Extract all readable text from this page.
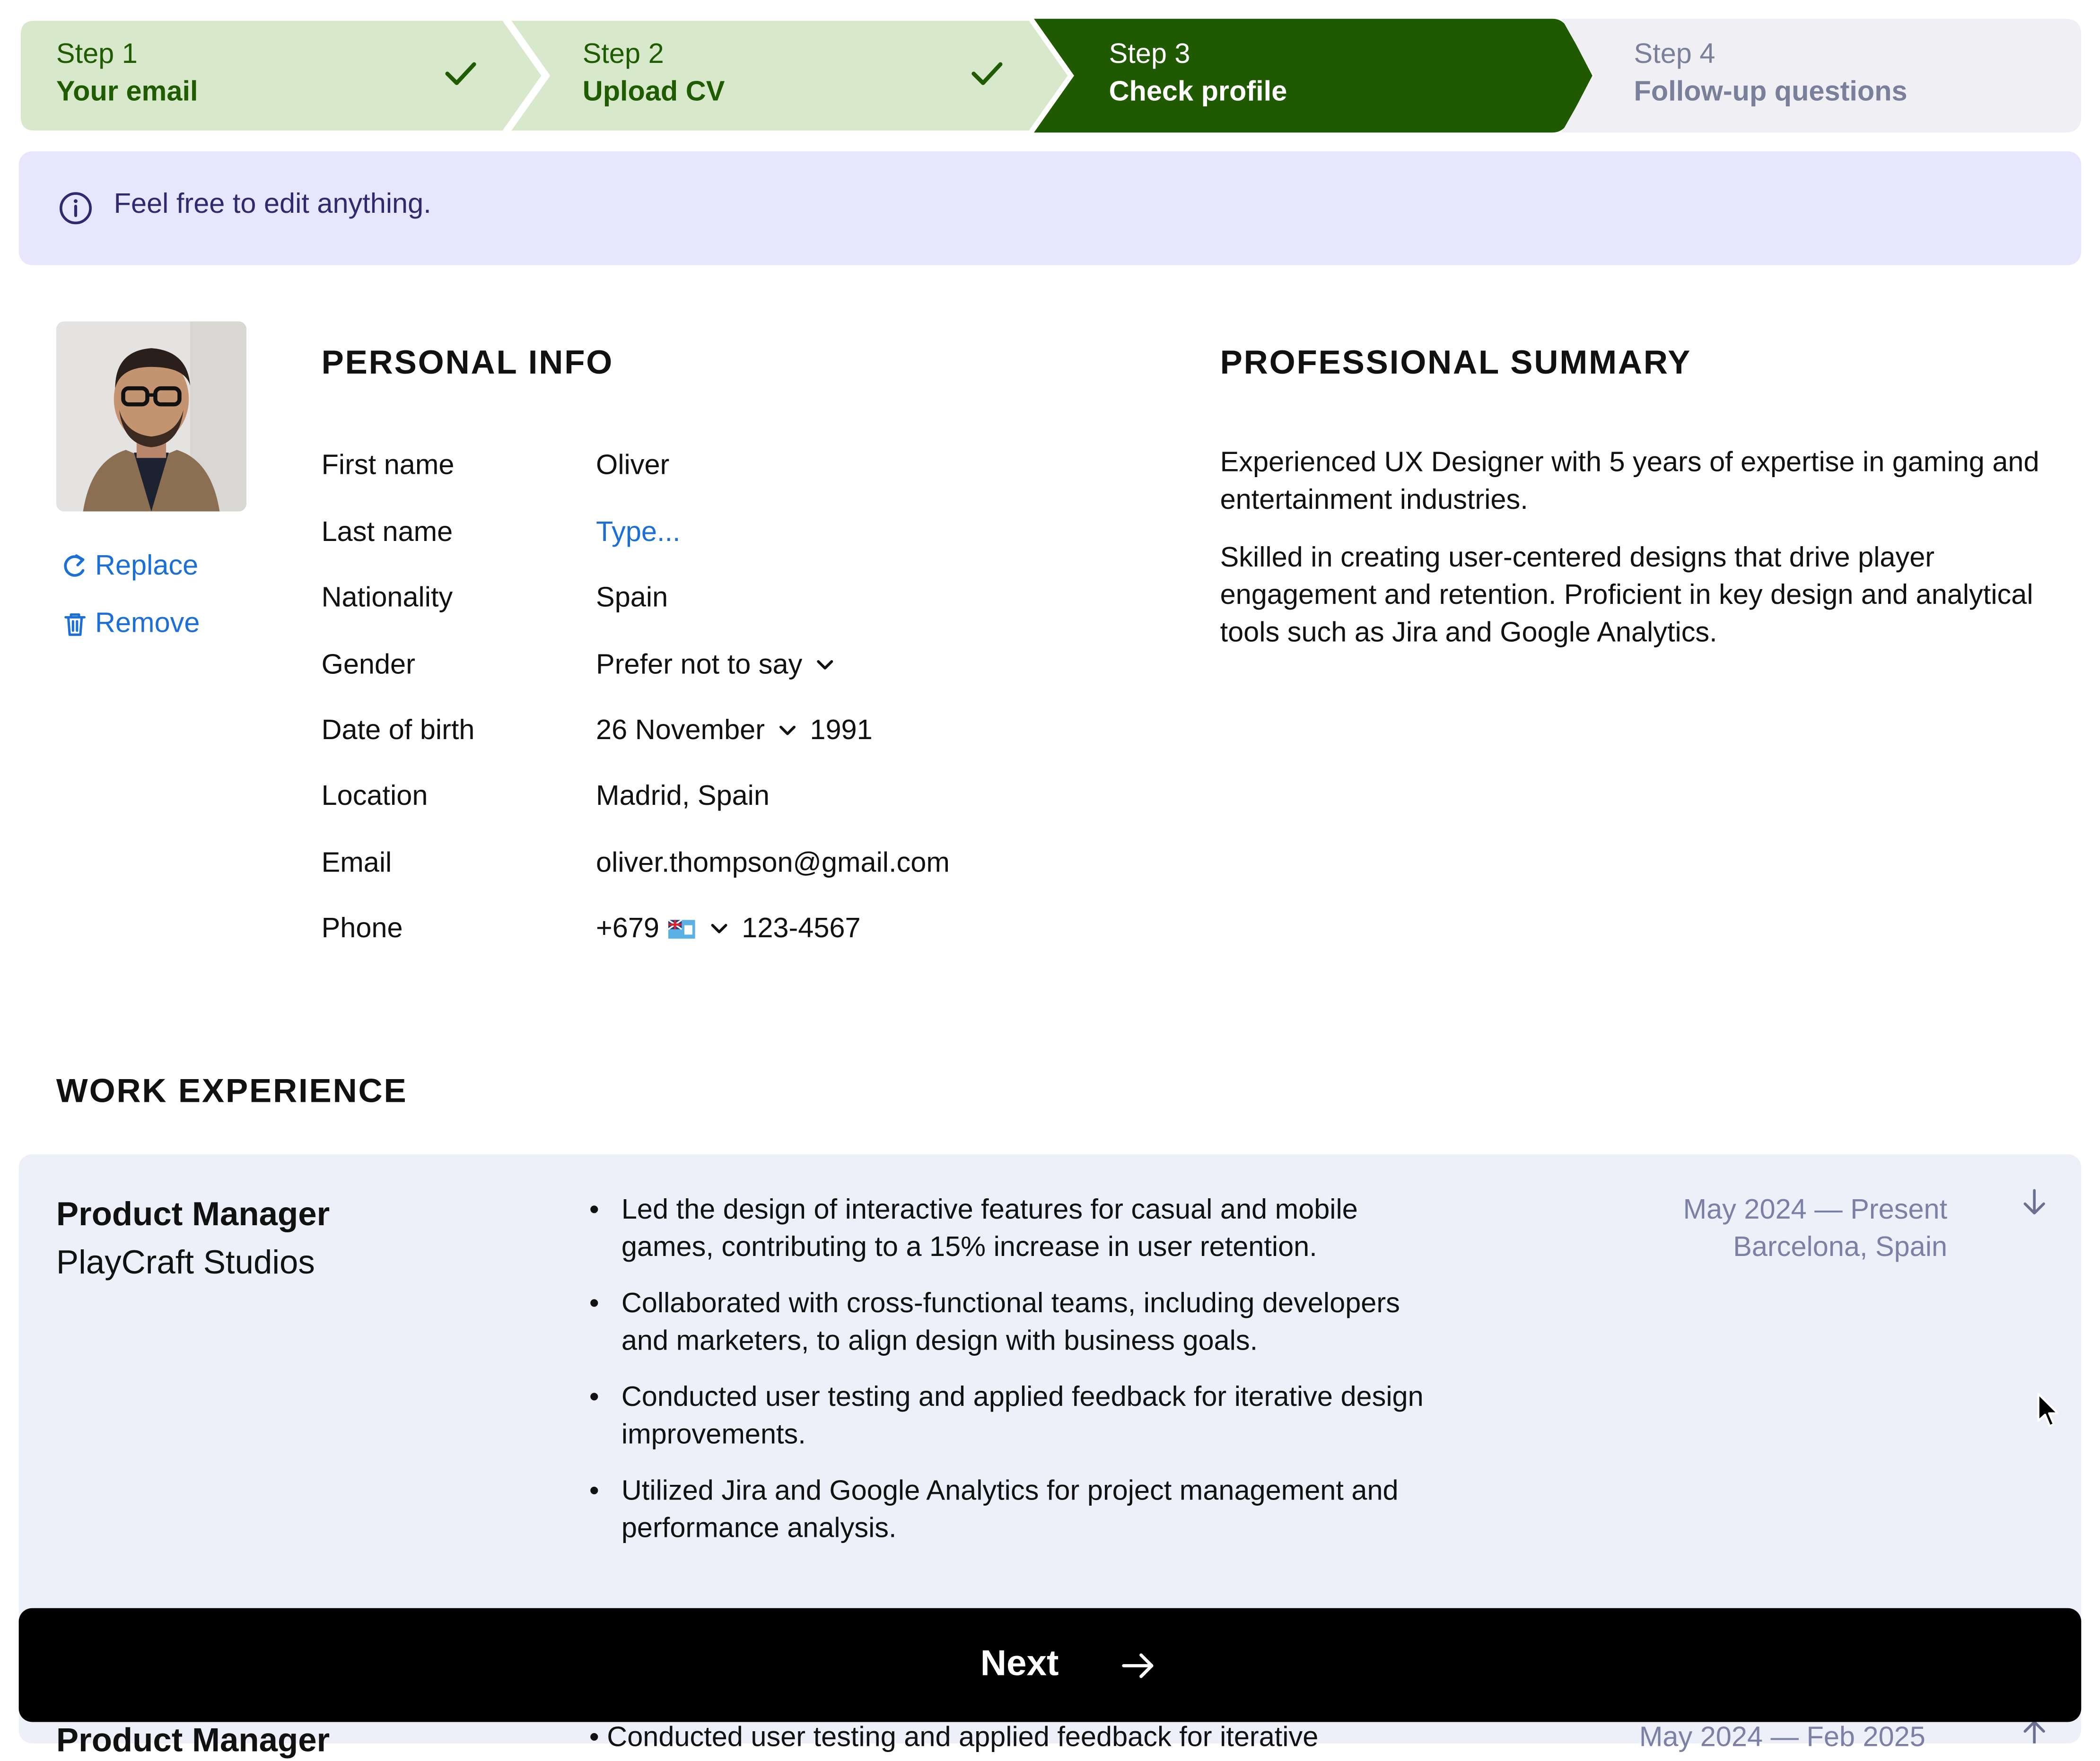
Step 1
Your email
Step 2
Upload CV
Step 3
Check profile
Step 4
Follow-up questions
Feel free to edit anything.
Replace
Remove
PERSONAL INFO
First name	Oliver
Last name	Type...
Nationality	Spain
Gender	Prefer not to say
Date of birth	26 November	1991
Location	Madrid, Spain
Email	oliver.thompson@gmail.com
Phone	+679	123-4567
PROFESSIONAL SUMMARY
Experienced UX Designer with 5 years of expertise in gaming and entertainment industries.
Skilled in creating user-centered designs that drive player engagement and retention. Proficient in key design and analytical tools such as Jira and Google Analytics.
WORK EXPERIENCE
Product Manager
PlayCraft Studios
• Led the design of interactive features for casual and mobile games, contributing to a 15% increase in user retention.
• Collaborated with cross-functional teams, including developers and marketers, to align design with business goals.
• Conducted user testing and applied feedback for iterative design improvements.
• Utilized Jira and Google Analytics for project management and performance analysis.
May 2024 — Present
Barcelona, Spain
Product Manager	• Conducted user testing and applied feedback for iterative	May 2024 — Feb 2025
Next
